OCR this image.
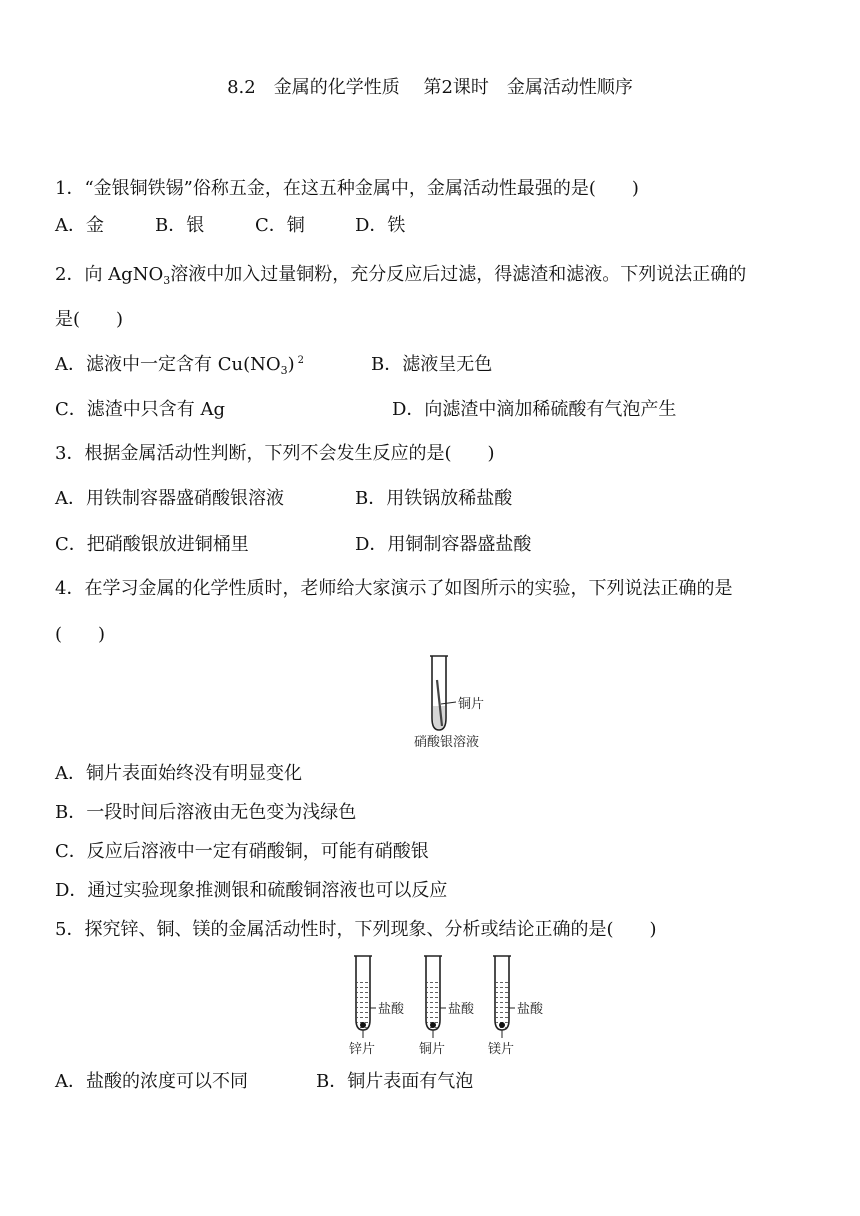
8.2　金属的化学性质　 第2课时　金属活动性顺序
1．“金银铜铁锡”俗称五金，在这五种金属中，金属活动性最强的是(　　)
A．金	B．银	C．铜	D．铁
2．向 AgNO$_3$溶液中加入过量铜粉，充分反应后过滤，得滤渣和滤液。下列说法正确的
是(　　)
A．滤液中一定含有 $Cu(NO_3)$ $^2$	B．滤液呈无色
C．滤渣中只含有 Ag	D．向滤渣中滴加稀硫酸有气泡产生
3．根据金属活动性判断，下列不会发生反应的是(　　)
A．用铁制容器盛硝酸银溶液	B．用铁锅放稀盐酸
C．把硝酸银放进铜桶里	D．用铜制容器盛盐酸
4．在学习金属的化学性质时，老师给大家演示了如图所示的实验，下列说法正确的是
(　　)
铜片
硝酸银溶液
A．铜片表面始终没有明显变化
B．一段时间后溶液由无色变为浅绿色
C．反应后溶液中一定有硝酸铜，可能有硝酸银
D．通过实验现象推测银和硫酸铜溶液也可以反应
5．探究锌、铜、镁的金属活动性时，下列现象、分析或结论正确的是(　　)
盐酸
锌片
盐酸
铜片
盐酸
镁片
A．盐酸的浓度可以不同	B．铜片表面有气泡
